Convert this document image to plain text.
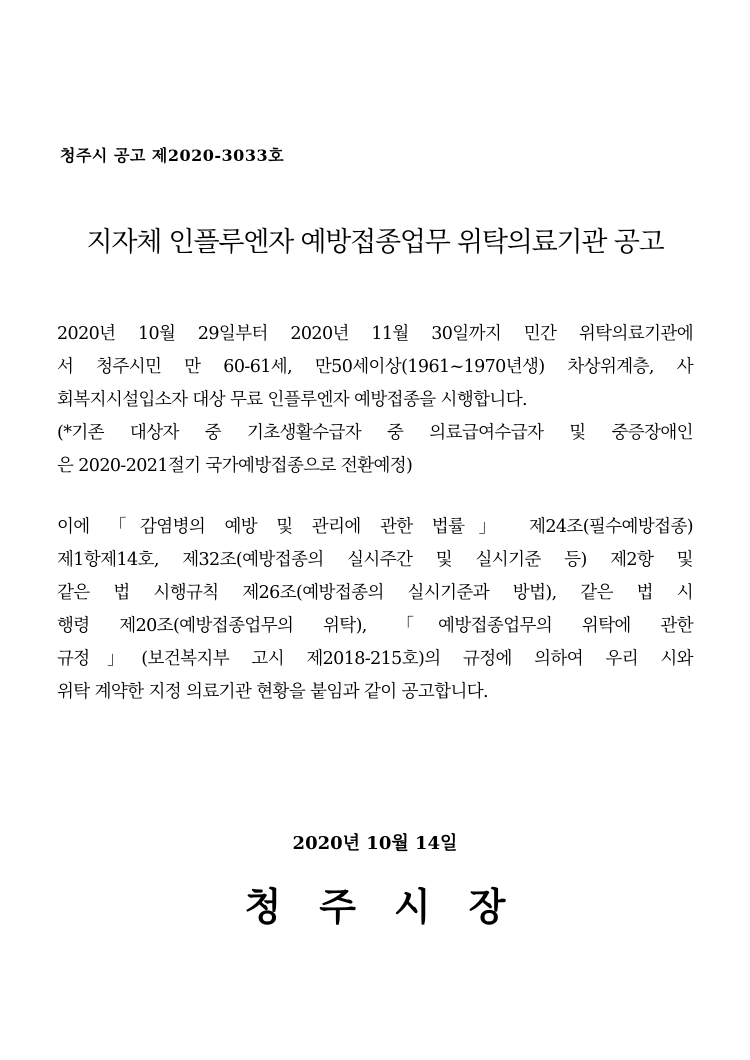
청주시 공고 제2020-3033호
지자체 인플루엔자 예방접종업무 위탁의료기관 공고
2020년 10월 29일부터 2020년 11월 30일까지 민간 위탁의료기관에
서 청주시민 만 60-61세, 만50세이상(1961~1970년생) 차상위계층, 사
회복지시설입소자 대상 무료 인플루엔자 예방접종을 시행합니다.
(*기존 대상자 중 기초생활수급자 중 의료급여수급자 및 중증장애인
은 2020-2021절기 국가예방접종으로 전환예정)
이에 「감염병의 예방 및 관리에 관한 법률」 제24조(필수예방접종)
제1항제14호, 제32조(예방접종의 실시주간 및 실시기준 등) 제2항 및
같은 법 시행규칙 제26조(예방접종의 실시기준과 방법), 같은 법 시
행령 제20조(예방접종업무의 위탁), 「예방접종업무의 위탁에 관한
규정」(보건복지부 고시 제2018-215호)의 규정에 의하여 우리 시와
위탁 계약한 지정 의료기관 현황을 붙임과 같이 공고합니다.
2020년 10월 14일
청주시장
